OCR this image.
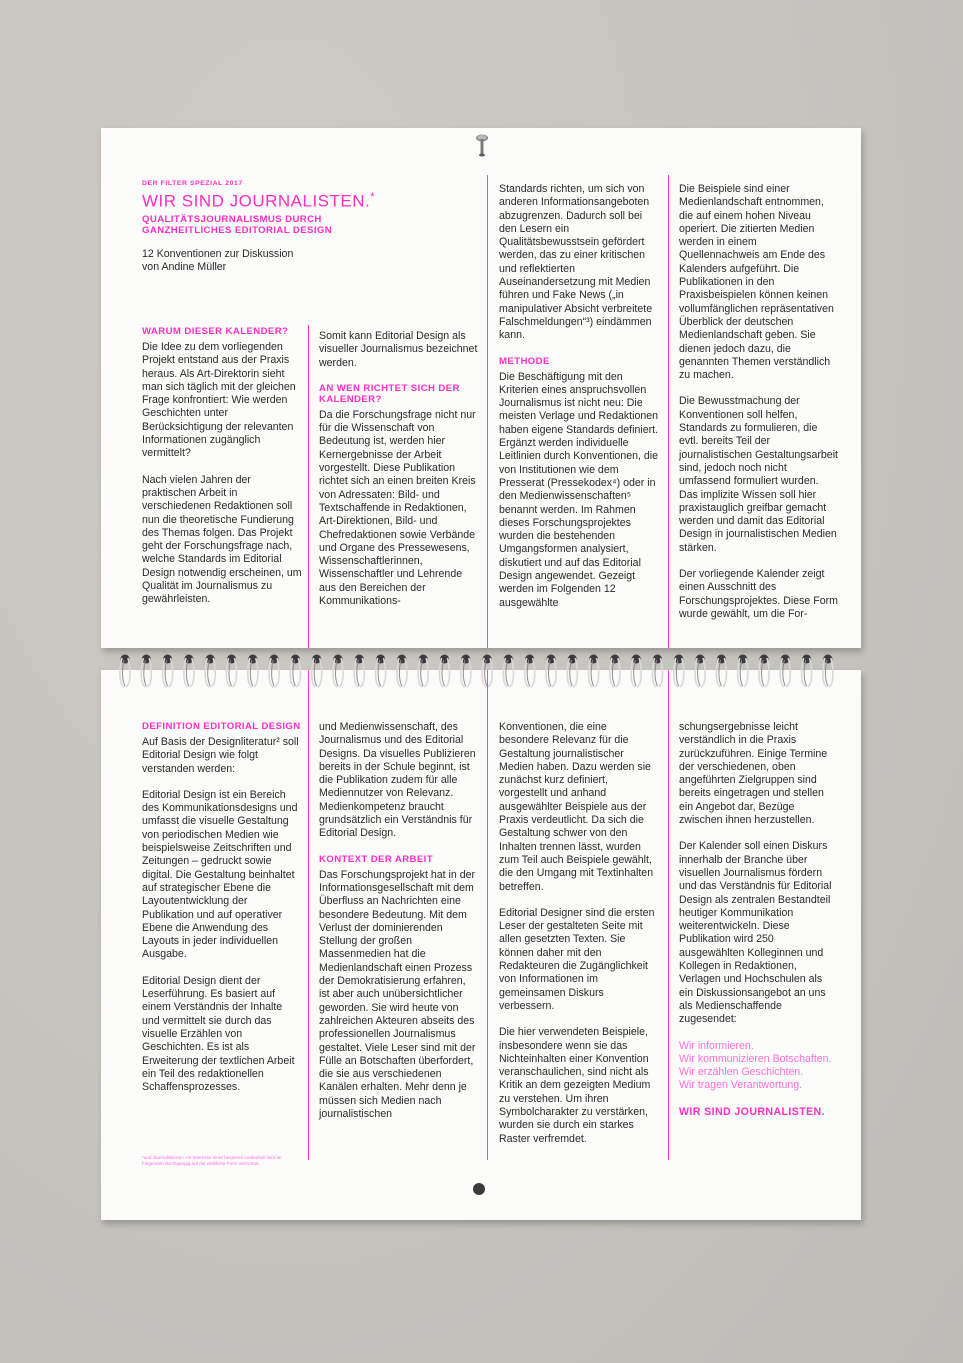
DER FILTER SPEZIAL 2017
WIR SIND JOURNALISTEN.*
QUALITÄTSJOURNALISMUS DURCH
GANZHEITLICHES EDITORIAL DESIGN
12 Konventionen zur Diskussion
von Andine Müller
WARUM DIESER KALENDER?

Die Idee zu dem vorliegenden Projekt entstand aus der Praxis heraus. Als Art-Direktorin sieht man sich täglich mit der gleichen Frage konfrontiert: Wie werden Geschichten unter Berücksichtigung der relevanten Informationen zugänglich vermittelt?

Nach vielen Jahren der praktischen Arbeit in verschiedenen Redaktionen soll nun die theoretische Fundierung des Themas folgen. Das Projekt geht der Forschungsfrage nach, welche Standards im Editorial Design notwendig erscheinen, um Qualität im Journalismus zu gewährleisten.

Somit kann Editorial Design als visueller Journalismus bezeichnet werden.

AN WEN RICHTET SICH DER KALENDER?

Da die Forschungsfrage nicht nur für die Wissenschaft von Bedeutung ist, werden hier Kernergebnisse der Arbeit vorgestellt. Diese Publikation richtet sich an einen breiten Kreis von Adressaten: Bild- und Textschaffende in Redaktionen, Art-Direktionen, Bild- und Chefredaktionen sowie Verbände und Organe des Pressewesens, Wissenschaftlerinnen, Wissenschaftler und Lehrende aus den Bereichen der Kommunikations-

Standards richten, um sich von anderen Informationsangeboten abzugrenzen. Dadurch soll bei den Lesern ein Qualitätsbewusstsein gefördert werden, das zu einer kritischen und reflektierten Auseinandersetzung mit Medien führen und Fake News („in manipulativer Absicht verbreitete Falschmeldungen“³) eindämmen kann.

METHODE

Die Beschäftigung mit den Kriterien eines anspruchsvollen Journalismus ist nicht neu: Die meisten Verlage und Redaktionen haben eigene Standards definiert. Ergänzt werden individuelle Leitlinien durch Konventionen, die von Institutionen wie dem Presserat (Pressekodex⁴) oder in den Medienwissenschaften⁵ benannt werden. Im Rahmen dieses Forschungsprojektes wurden die bestehenden Umgangsformen analysiert, diskutiert und auf das Editorial Design angewendet. Gezeigt werden im Folgenden 12 ausgewählte

Die Beispiele sind einer Medienlandschaft entnommen, die auf einem hohen Niveau operiert. Die zitierten Medien werden in einem Quellennachweis am Ende des Kalenders aufgeführt. Die Publikationen in den Praxisbeispielen können keinen vollumfänglichen repräsentativen Überblick der deutschen Medienlandschaft geben. Sie dienen jedoch dazu, die genannten Themen verständlich zu machen.

Die Bewusstmachung der Konventionen soll helfen, Standards zu formulieren, die evtl. bereits Teil der journalistischen Gestaltungsarbeit sind, jedoch noch nicht umfassend formuliert wurden. Das implizite Wissen soll hier praxistauglich greifbar gemacht werden und damit das Editorial Design in journalistischen Medien stärken.

Der vorliegende Kalender zeigt einen Ausschnitt des Forschungsprojektes. Diese Form wurde gewählt, um die For-

DEFINITION EDITORIAL DESIGN

Auf Basis der Designliteratur² soll Editorial Design wie folgt verstanden werden:

Editorial Design ist ein Bereich des Kommunikationsdesigns und umfasst die visuelle Gestaltung von periodischen Medien wie beispielsweise Zeitschriften und Zeitungen – gedruckt sowie digital. Die Gestaltung beinhaltet auf strategischer Ebene die Layoutentwicklung der Publikation und auf operativer Ebene die Anwendung des Layouts in jeder individuellen Ausgabe.

Editorial Design dient der Leserführung. Es basiert auf einem Verständnis der Inhalte und vermittelt sie durch das visuelle Erzählen von Geschichten. Es ist als Erweiterung der textlichen Arbeit ein Teil des redaktionellen Schaffensprozesses.

*und Journalistinnen. Im Interesse einer besseren Lesbarkeit wird im Folgenden durchgängig auf die weibliche Form verzichtet.

und Medienwissenschaft, des Journalismus und des Editorial Designs. Da visuelles Publizieren bereits in der Schule beginnt, ist die Publikation zudem für alle Mediennutzer von Relevanz. Medienkompetenz braucht grundsätzlich ein Verständnis für Editorial Design.

KONTEXT DER ARBEIT

Das Forschungsprojekt hat in der Informationsgesellschaft mit dem Überfluss an Nachrichten eine besondere Bedeutung. Mit dem Verlust der dominierenden Stellung der großen Massenmedien hat die Medienlandschaft einen Prozess der Demokratisierung erfahren, ist aber auch unübersichtlicher geworden. Sie wird heute von zahlreichen Akteuren abseits des professionellen Journalismus gestaltet. Viele Leser sind mit der Fülle an Botschaften überfordert, die sie aus verschiedenen Kanälen erhalten. Mehr denn je müssen sich Medien nach journalistischen

Konventionen, die eine besondere Relevanz für die Gestaltung journalistischer Medien haben. Dazu werden sie zunächst kurz definiert, vorgestellt und anhand ausgewählter Beispiele aus der Praxis verdeutlicht. Da sich die Gestaltung schwer von den Inhalten trennen lässt, wurden zum Teil auch Beispiele gewählt, die den Umgang mit Textinhalten betreffen.

Editorial Designer sind die ersten Leser der gestalteten Seite mit allen gesetzten Texten. Sie können daher mit den Redakteuren die Zugänglichkeit von Informationen im gemeinsamen Diskurs verbessern.

Die hier verwendeten Beispiele, insbesondere wenn sie das Nichteinhalten einer Konvention veranschaulichen, sind nicht als Kritik an dem gezeigten Medium zu verstehen. Um ihren Symbolcharakter zu verstärken, wurden sie durch ein starkes Raster verfremdet.

schungsergebnisse leicht verständlich in die Praxis zurückzuführen. Einige Termine der verschiedenen, oben angeführten Zielgruppen sind bereits eingetragen und stellen ein Angebot dar, Bezüge zwischen ihnen herzustellen.

Der Kalender soll einen Diskurs innerhalb der Branche über visuellen Journalismus fördern und das Verständnis für Editorial Design als zentralen Bestandteil heutiger Kommunikation weiterentwickeln. Diese Publikation wird 250 ausgewählten Kolleginnen und Kollegen in Redaktionen, Verlagen und Hochschulen als ein Diskussionsangebot an uns als Medienschaffende zugesendet:

Wir informieren.
Wir kommunizieren Botschaften.
Wir erzählen Geschichten.
Wir tragen Verantwortung.
WIR SIND JOURNALISTEN.
